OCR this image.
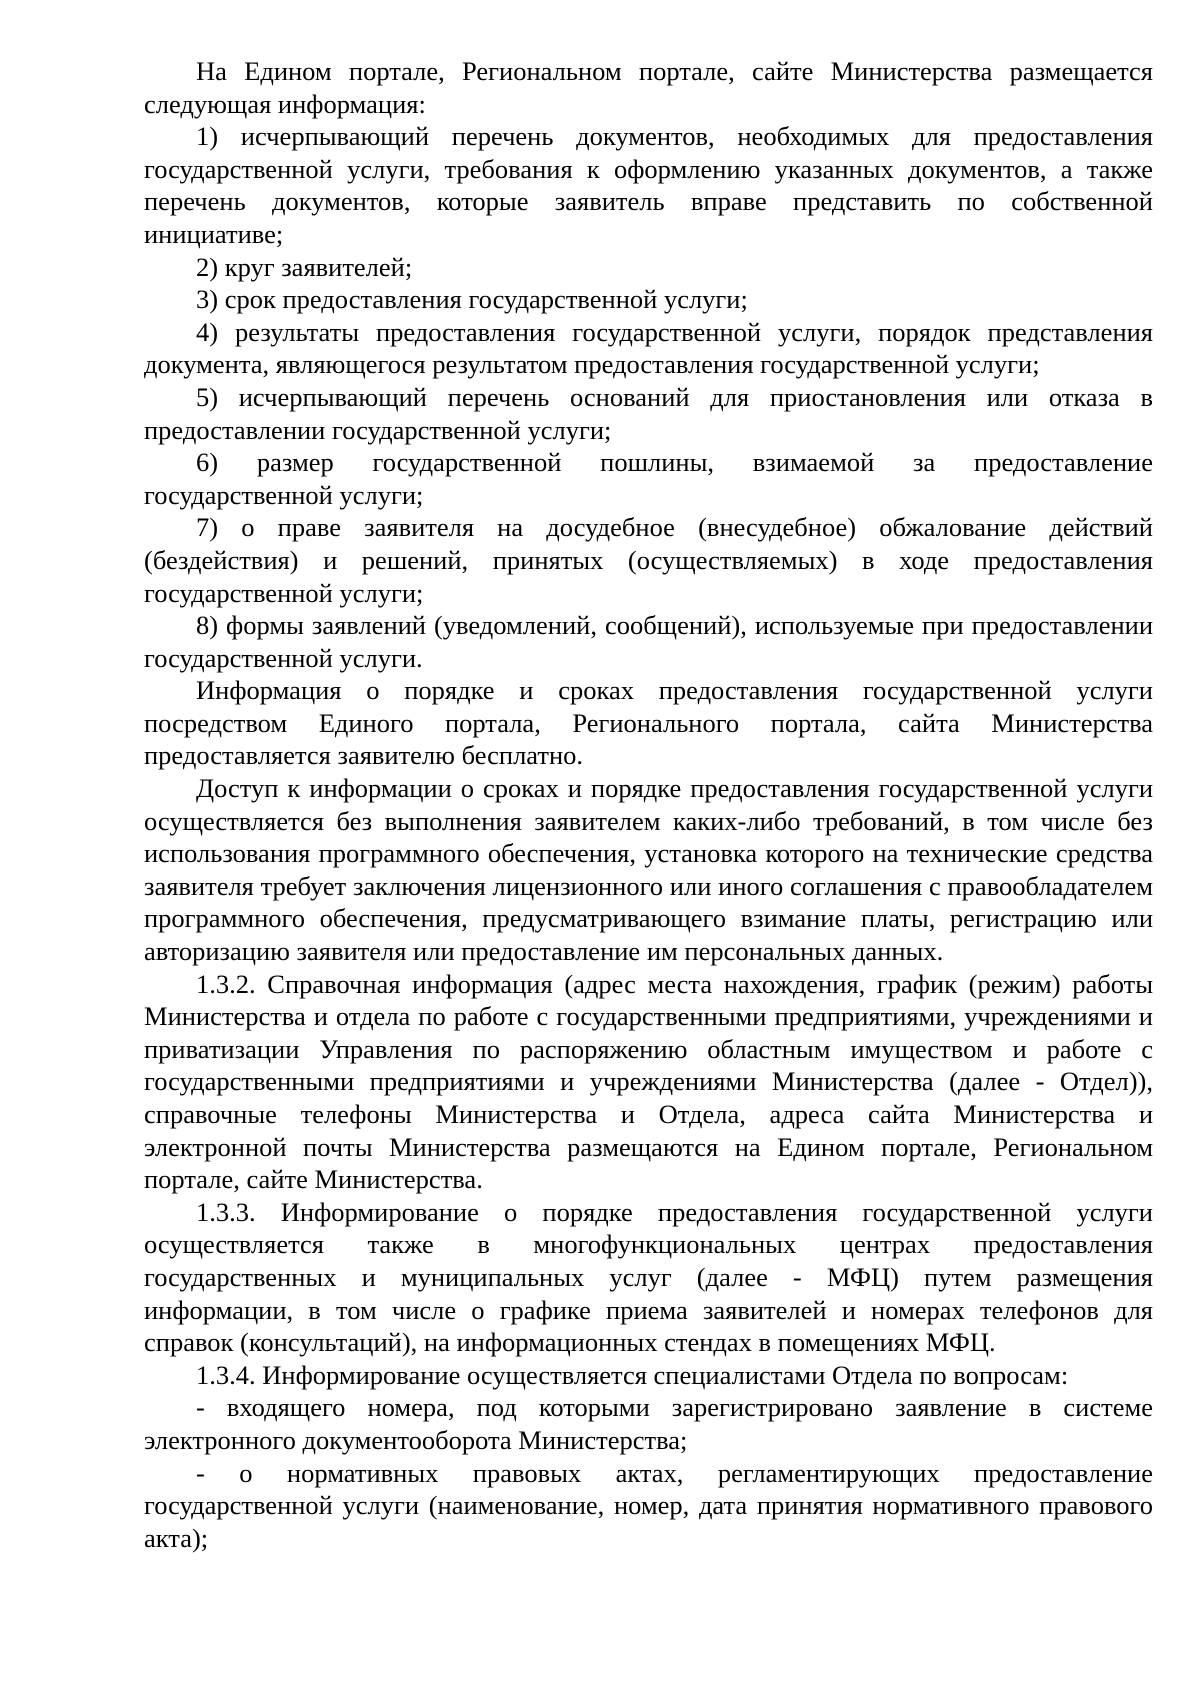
На Едином портале, Региональном портале, сайте Министерства размещается следующая информация:

1) исчерпывающий перечень документов, необходимых для предоставления государственной услуги, требования к оформлению указанных документов, а также перечень документов, которые заявитель вправе представить по собственной инициативе;

2) круг заявителей;

3) срок предоставления государственной услуги;

4) результаты предоставления государственной услуги, порядок представления документа, являющегося результатом предоставления государственной услуги;

5) исчерпывающий перечень оснований для приостановления или отказа в предоставлении государственной услуги;

6) размер государственной пошлины, взимаемой за предоставление государственной услуги;

7) о праве заявителя на досудебное (внесудебное) обжалование действий (бездействия) и решений, принятых (осуществляемых) в ходе предоставления государственной услуги;

8) формы заявлений (уведомлений, сообщений), используемые при предоставлении государственной услуги.

Информация о порядке и сроках предоставления государственной услуги посредством Единого портала, Регионального портала, сайта Министерства предоставляется заявителю бесплатно.

Доступ к информации о сроках и порядке предоставления государственной услуги осуществляется без выполнения заявителем каких-либо требований, в том числе без использования программного обеспечения, установка которого на технические средства заявителя требует заключения лицензионного или иного соглашения с правообладателем программного обеспечения, предусматривающего взимание платы, регистрацию или авторизацию заявителя или предоставление им персональных данных.

1.3.2. Справочная информация (адрес места нахождения, график (режим) работы Министерства и отдела по работе с государственными предприятиями, учреждениями и приватизации Управления по распоряжению областным имуществом и работе с государственными предприятиями и учреждениями Министерства (далее - Отдел)), справочные телефоны Министерства и Отдела, адреса сайта Министерства и электронной почты Министерства размещаются на Едином портале, Региональном портале, сайте Министерства.

1.3.3. Информирование о порядке предоставления государственной услуги осуществляется также в многофункциональных центрах предоставления государственных и муниципальных услуг (далее - МФЦ) путем размещения информации, в том числе о графике приема заявителей и номерах телефонов для справок (консультаций), на информационных стендах в помещениях МФЦ.

1.3.4. Информирование осуществляется специалистами Отдела по вопросам:

- входящего номера, под которыми зарегистрировано заявление в системе электронного документооборота Министерства;

- о нормативных правовых актах, регламентирующих предоставление государственной услуги (наименование, номер, дата принятия нормативного правового акта);
